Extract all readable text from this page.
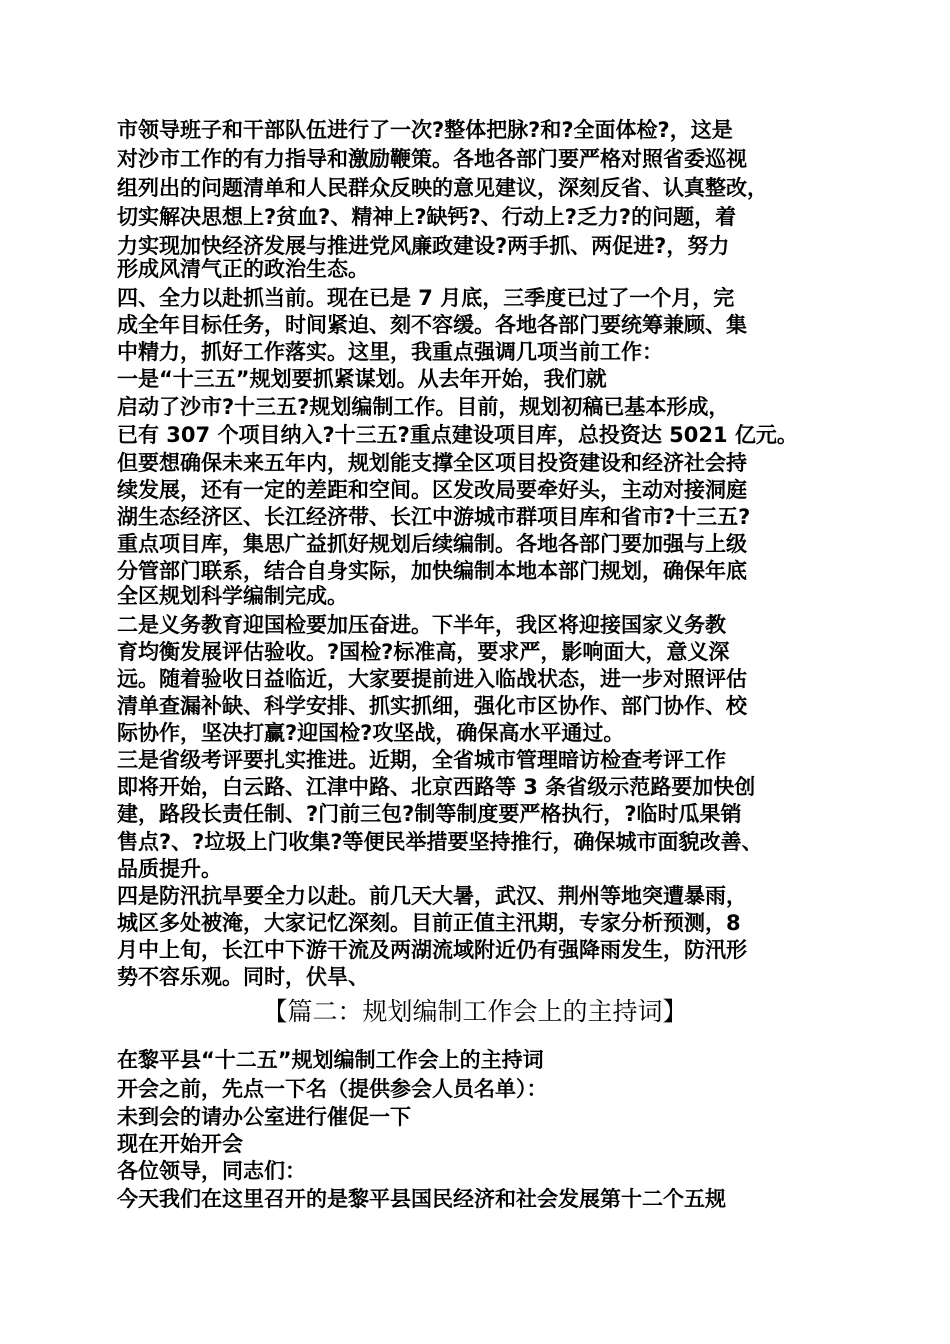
市领导班子和干部队伍进行了一次?整体把脉?和?全面体检?，这是
对沙市工作的有力指导和激励鞭策。各地各部门要严格对照省委巡视
组列出的问题清单和人民群众反映的意见建议，深刻反省、认真整改，
切实解决思想上?贫血?、精神上?缺钙?、行动上?乏力?的问题，着
力实现加快经济发展与推进党风廉政建设?两手抓、两促进?，努力
形成风清气正的政治生态。
四、全力以赴抓当前。现在已是 7 月底，三季度已过了一个月，完
成全年目标任务，时间紧迫、刻不容缓。各地各部门要统筹兼顾、集
中精力，抓好工作落实。这里，我重点强调几项当前工作：
一是“十三五”规划要抓紧谋划。从去年开始，我们就
启动了沙市?十三五?规划编制工作。目前，规划初稿已基本形成，
已有 307 个项目纳入?十三五?重点建设项目库，总投资达 5021 亿元。
但要想确保未来五年内，规划能支撑全区项目投资建设和经济社会持
续发展，还有一定的差距和空间。区发改局要牵好头，主动对接洞庭
湖生态经济区、长江经济带、长江中游城市群项目库和省市?十三五?
重点项目库，集思广益抓好规划后续编制。各地各部门要加强与上级
分管部门联系，结合自身实际，加快编制本地本部门规划，确保年底
全区规划科学编制完成。
二是义务教育迎国检要加压奋进。下半年，我区将迎接国家义务教
育均衡发展评估验收。?国检?标准高，要求严，影响面大，意义深
远。随着验收日益临近，大家要提前进入临战状态，进一步对照评估
清单查漏补缺、科学安排、抓实抓细，强化市区协作、部门协作、校
际协作，坚决打赢?迎国检?攻坚战，确保高水平通过。
三是省级考评要扎实推进。近期，全省城市管理暗访检查考评工作
即将开始，白云路、江津中路、北京西路等 3 条省级示范路要加快创
建，路段长责任制、?门前三包?制等制度要严格执行，?临时瓜果销
售点?、?垃圾上门收集?等便民举措要坚持推行，确保城市面貌改善、
品质提升。
四是防汛抗旱要全力以赴。前几天大暑，武汉、荆州等地突遭暴雨，
城区多处被淹，大家记忆深刻。目前正值主汛期，专家分析预测，8
月中上旬，长江中下游干流及两湖流域附近仍有强降雨发生，防汛形
势不容乐观。同时，伏旱、
【篇二：规划编制工作会上的主持词】
在黎平县“十二五”规划编制工作会上的主持词
开会之前，先点一下名（提供参会人员名单）：
未到会的请办公室进行催促一下
现在开始开会
各位领导，同志们：
今天我们在这里召开的是黎平县国民经济和社会发展第十二个五规
